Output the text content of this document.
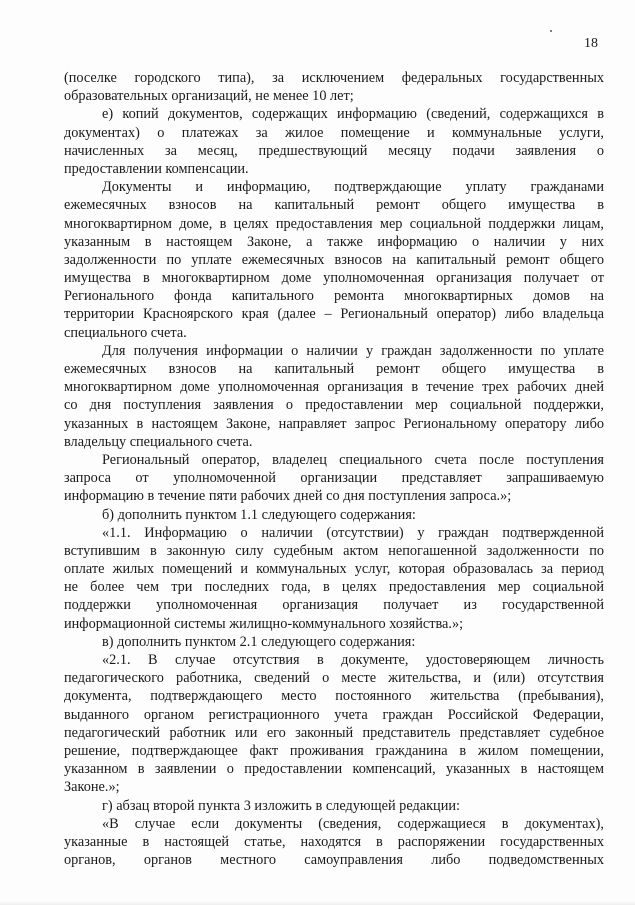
18
(поселке городского типа), за исключением федеральных государственных
образовательных организаций, не менее 10 лет;
е) копий документов, содержащих информацию (сведений, содержащихся в
документах) о платежах за жилое помещение и коммунальные услуги,
начисленных за месяц, предшествующий месяцу подачи заявления о
предоставлении компенсации.
Документы и информацию, подтверждающие уплату гражданами
ежемесячных взносов на капитальный ремонт общего имущества в
многоквартирном доме, в целях предоставления мер социальной поддержки лицам,
указанным в настоящем Законе, а также информацию о наличии у них
задолженности по уплате ежемесячных взносов на капитальный ремонт общего
имущества в многоквартирном доме уполномоченная организация получает от
Регионального фонда капитального ремонта многоквартирных домов на
территории Красноярского края (далее – Региональный оператор) либо владельца
специального счета.
Для получения информации о наличии у граждан задолженности по уплате
ежемесячных взносов на капитальный ремонт общего имущества в
многоквартирном доме уполномоченная организация в течение трех рабочих дней
со дня поступления заявления о предоставлении мер социальной поддержки,
указанных в настоящем Законе, направляет запрос Региональному оператору либо
владельцу специального счета.
Региональный оператор, владелец специального счета после поступления
запроса от уполномоченной организации представляет запрашиваемую
информацию в течение пяти рабочих дней со дня поступления запроса.»;
б) дополнить пунктом 1.1 следующего содержания:
«1.1. Информацию о наличии (отсутствии) у граждан подтвержденной
вступившим в законную силу судебным актом непогашенной задолженности по
оплате жилых помещений и коммунальных услуг, которая образовалась за период
не более чем три последних года, в целях предоставления мер социальной
поддержки уполномоченная организация получает из государственной
информационной системы жилищно-коммунального хозяйства.»;
в) дополнить пунктом 2.1 следующего содержания:
«2.1. В случае отсутствия в документе, удостоверяющем личность
педагогического работника, сведений о месте жительства, и (или) отсутствия
документа, подтверждающего место постоянного жительства (пребывания),
выданного органом регистрационного учета граждан Российской Федерации,
педагогический работник или его законный представитель представляет судебное
решение, подтверждающее факт проживания гражданина в жилом помещении,
указанном в заявлении о предоставлении компенсаций, указанных в настоящем
Законе.»;
г) абзац второй пункта 3 изложить в следующей редакции:
«В случае если документы (сведения, содержащиеся в документах),
указанные в настоящей статье, находятся в распоряжении государственных
органов, органов местного самоуправления либо подведомственных
